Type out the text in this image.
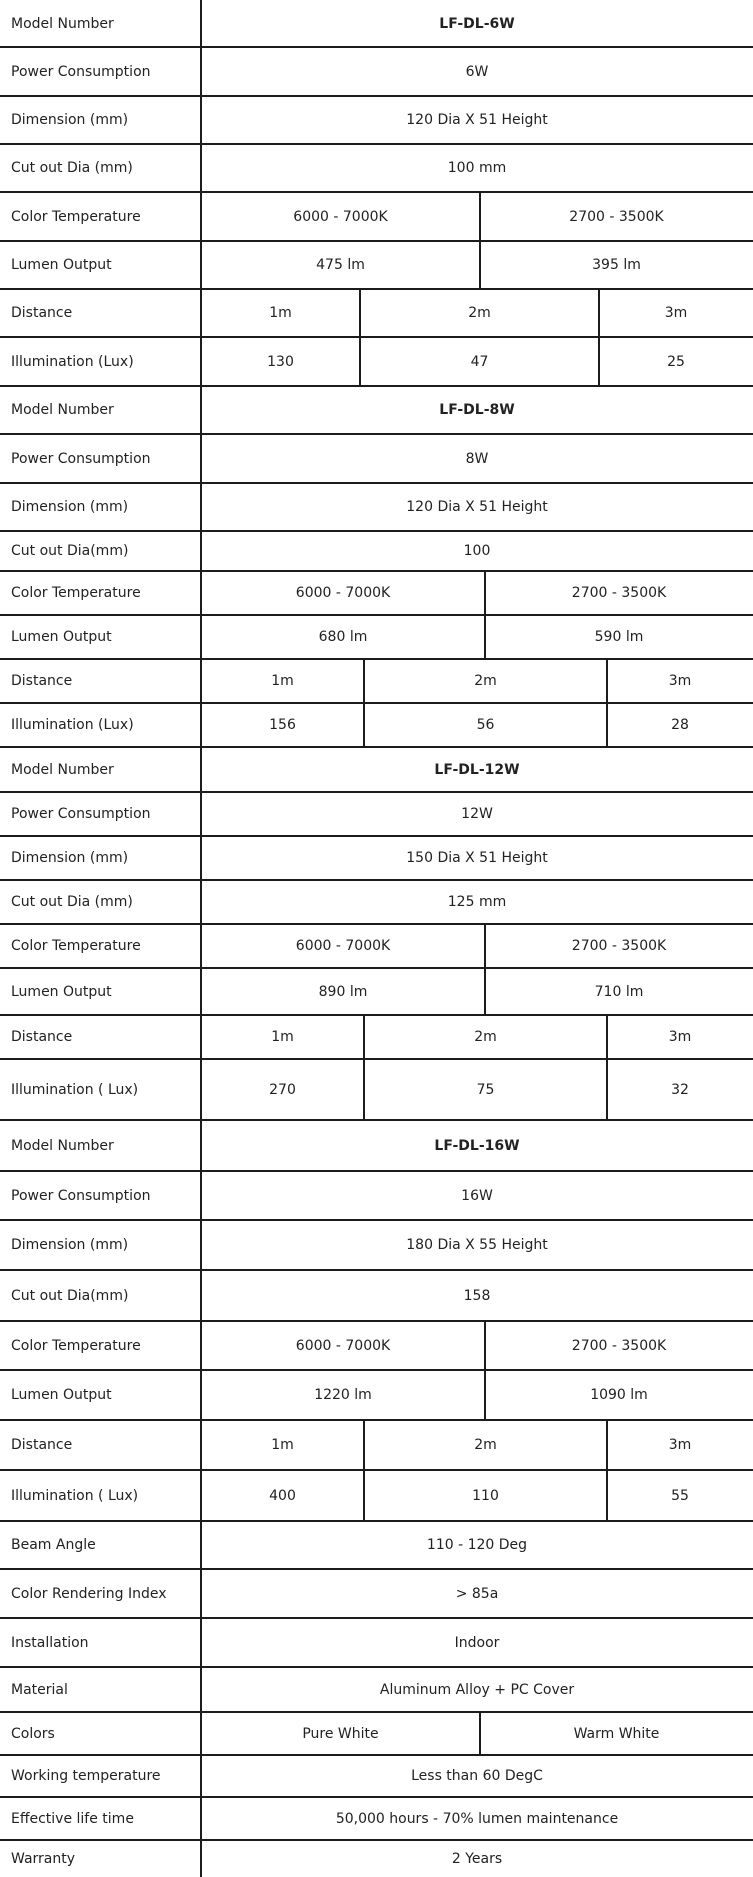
Model Number	LF-DL-6W
Power Consumption	6W
Dimension (mm)	120 Dia X 51 Height
Cut out Dia (mm)	100 mm
Color Temperature	6000 - 7000K	2700 - 3500K
Lumen Output	475 lm	395 lm
Distance	1m	2m	3m
Illumination (Lux)	130	47	25
Model Number	LF-DL-8W
Power Consumption	8W
Dimension (mm)	120 Dia X 51 Height
Cut out Dia(mm)	100
Color Temperature	6000 - 7000K	2700 - 3500K
Lumen Output	680 lm	590 lm
Distance	1m	2m	3m
Illumination (Lux)	156	56	28
Model Number	LF-DL-12W
Power Consumption	12W
Dimension (mm)	150 Dia X 51 Height
Cut out Dia (mm)	125 mm
Color Temperature	6000 - 7000K	2700 - 3500K
Lumen Output	890 lm	710 lm
Distance	1m	2m	3m
Illumination ( Lux)	270	75	32
Model Number	LF-DL-16W
Power Consumption	16W
Dimension (mm)	180 Dia X 55 Height
Cut out Dia(mm)	158
Color Temperature	6000 - 7000K	2700 - 3500K
Lumen Output	1220 lm	1090 lm
Distance	1m	2m	3m
Illumination ( Lux)	400	110	55
Beam Angle	110 - 120 Deg
Color Rendering Index	> 85a
Installation	Indoor
Material	Aluminum Alloy + PC Cover
Colors	Pure White	Warm White
Working temperature	Less than 60 DegC
Effective life time	50,000 hours - 70% lumen maintenance
Warranty	2 Years
